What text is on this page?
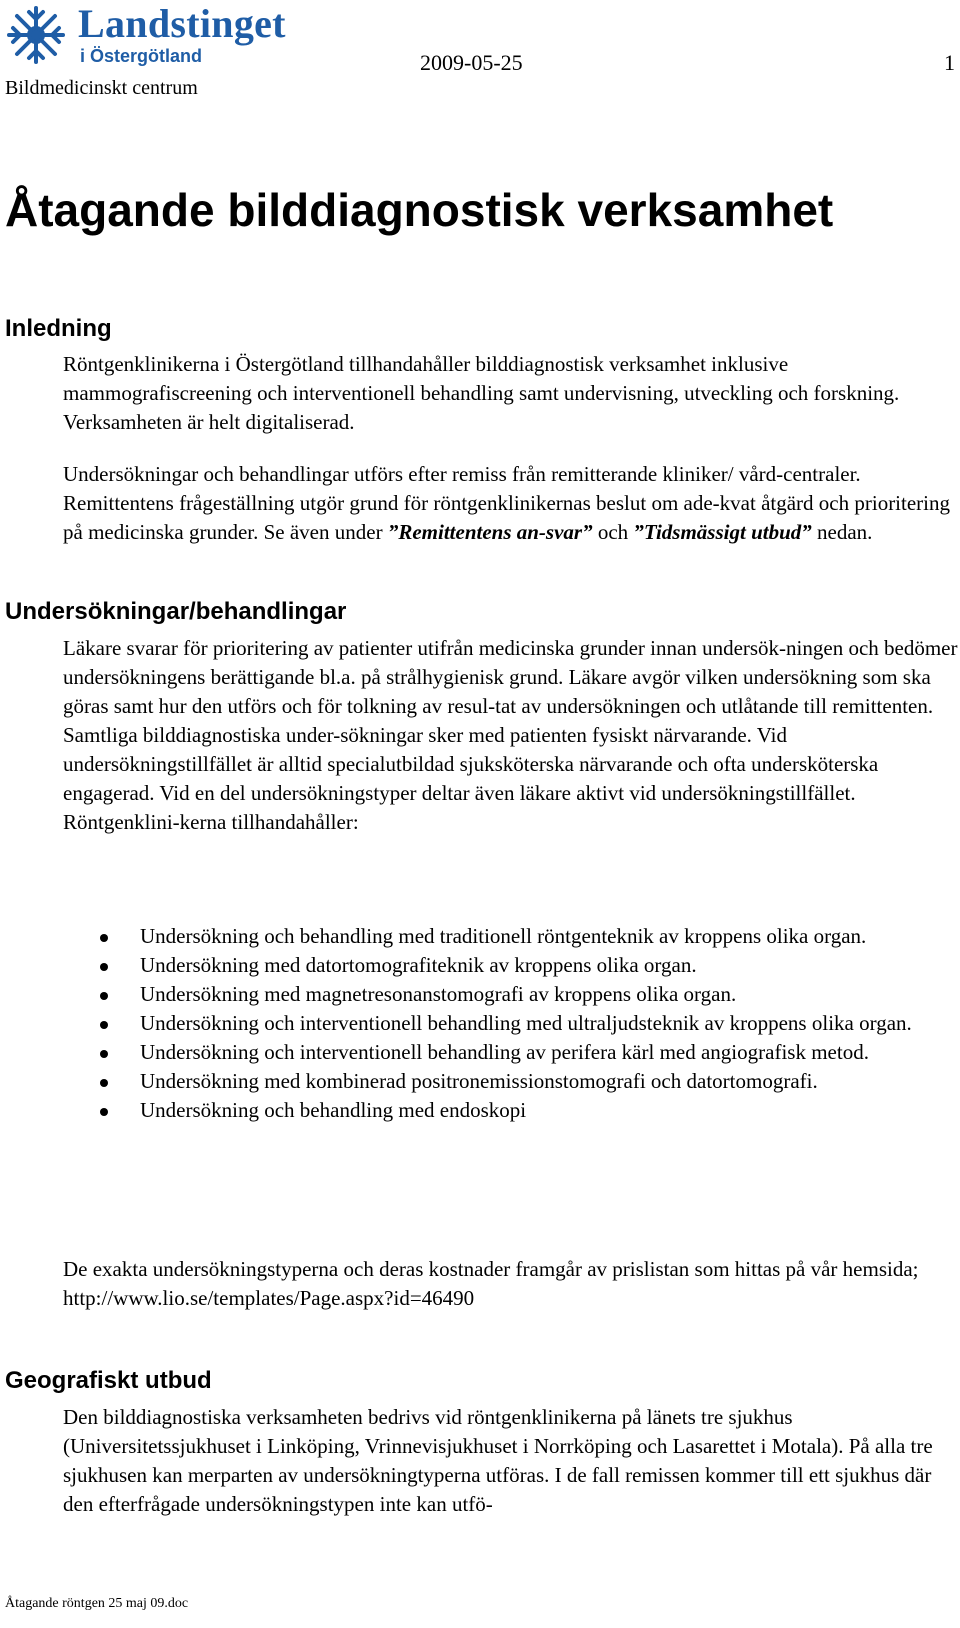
Landstinget
i Östergötland
Bildmedicinskt centrum
2009-05-25	1
Åtagande bilddiagnostisk verksamhet
Inledning

Röntgenklinikerna i Östergötland tillhandahåller bilddiagnostisk verksamhet inklusive mammografiscreening och interventionell behandling samt undervisning, utveckling och forskning. Verksamheten är helt digitaliserad.

Undersökningar och behandlingar utförs efter remiss från remitterande kliniker/ vård-centraler. Remittentens frågeställning utgör grund för röntgenklinikernas beslut om ade-kvat åtgärd och prioritering på medicinska grunder. Se även under ”Remittentens an-svar” och ”Tidsmässigt utbud” nedan.

Undersökningar/behandlingar

Läkare svarar för prioritering av patienter utifrån medicinska grunder innan undersök-ningen och bedömer undersökningens berättigande bl.a. på strålhygienisk grund. Läkare avgör vilken undersökning som ska göras samt hur den utförs och för tolkning av resul-tat av undersökningen och utlåtande till remittenten. Samtliga bilddiagnostiska under-sökningar sker med patienten fysiskt närvarande. Vid undersökningstillfället är alltid specialutbildad sjuksköterska närvarande och ofta undersköterska engagerad. Vid en del undersökningstyper deltar även läkare aktivt vid undersökningstillfället. Röntgenklini-kerna tillhandahåller:

Undersökning och behandling med traditionell röntgenteknik av kroppens olika organ.
Undersökning med datortomografiteknik av kroppens olika organ.
Undersökning med magnetresonanstomografi av kroppens olika organ.
Undersökning och interventionell behandling med ultraljudsteknik av kroppens olika organ.
Undersökning och interventionell behandling av perifera kärl med angiografisk metod.
Undersökning med kombinerad positronemissionstomografi och datortomografi.
Undersökning och behandling med endoskopi

De exakta undersökningstyperna och deras kostnader framgår av prislistan som hittas på vår hemsida;

http://www.lio.se/templates/Page.aspx?id=46490

Geografiskt utbud

Den bilddiagnostiska verksamheten bedrivs vid röntgenklinikerna på länets tre sjukhus (Universitetssjukhuset i Linköping, Vrinnevisjukhuset i Norrköping och Lasarettet i Motala). På alla tre sjukhusen kan merparten av undersökningtyperna utföras. I de fall remissen kommer till ett sjukhus där den efterfrågade undersökningstypen inte kan utfö-

Åtagande röntgen 25 maj 09.doc
